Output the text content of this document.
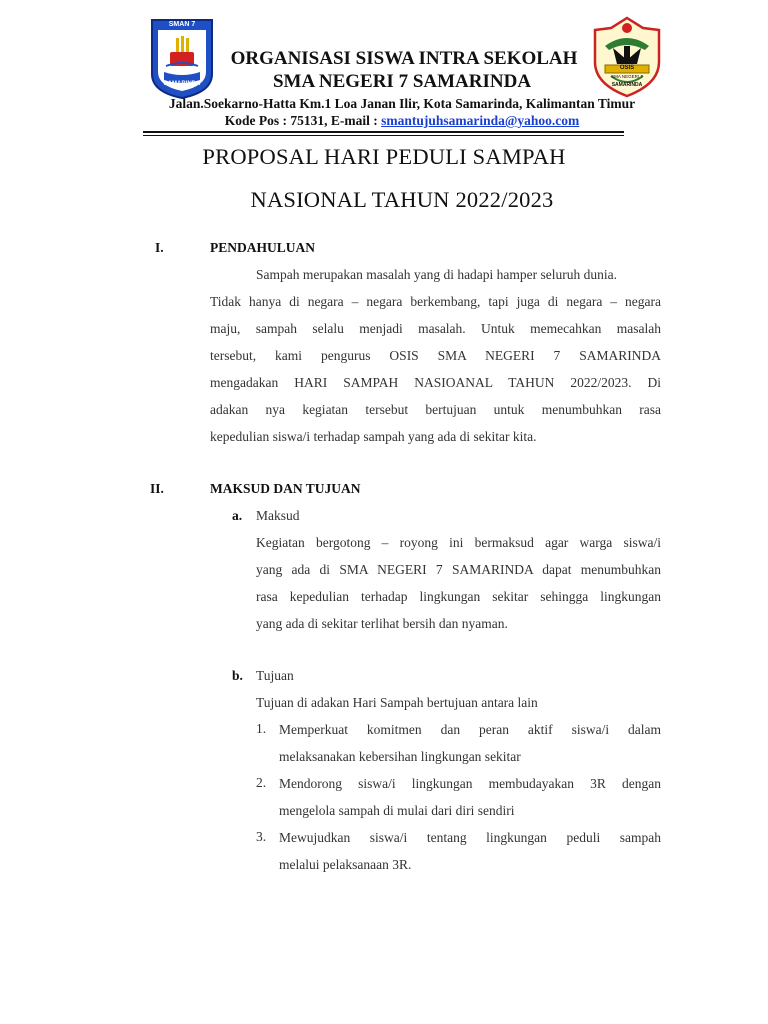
SMAN 7
SAMARINDA
OSIS
SMA NEGERI 7
SAMARINDA
ORGANISASI SISWA INTRA SEKOLAH
SMA NEGERI 7 SAMARINDA
Jalan.Soekarno-Hatta Km.1 Loa Janan Ilir, Kota Samarinda, Kalimantan Timur
Kode Pos : 75131, E-mail : smantujuhsamarinda@yahoo.com
PROPOSAL HARI PEDULI SAMPAH
NASIONAL TAHUN 2022/2023
I.	PENDAHULUAN
Sampah merupakan masalah yang di hadapi hamper seluruh dunia.
Tidak hanya di negara – negara berkembang, tapi juga di negara – negara
maju, sampah selalu menjadi masalah. Untuk memecahkan masalah
tersebut, kami pengurus OSIS SMA NEGERI 7 SAMARINDA
mengadakan HARI SAMPAH NASIOANAL TAHUN 2022/2023. Di
adakan nya kegiatan tersebut bertujuan untuk menumbuhkan rasa
kepedulian siswa/i terhadap sampah yang ada di sekitar kita.
II.	MAKSUD DAN TUJUAN
a. Maksud
Kegiatan bergotong – royong ini bermaksud agar warga siswa/i
yang ada di SMA NEGERI 7 SAMARINDA dapat menumbuhkan
rasa kepedulian terhadap lingkungan sekitar sehingga lingkungan
yang ada di sekitar terlihat bersih dan nyaman.
b. Tujuan
Tujuan di adakan Hari Sampah bertujuan antara lain
1. Memperkuat komitmen dan peran aktif siswa/i dalam
melaksanakan kebersihan lingkungan sekitar
2. Mendorong siswa/i lingkungan membudayakan 3R dengan
mengelola sampah di mulai dari diri sendiri
3. Mewujudkan siswa/i tentang lingkungan peduli sampah
melalui pelaksanaan 3R.
